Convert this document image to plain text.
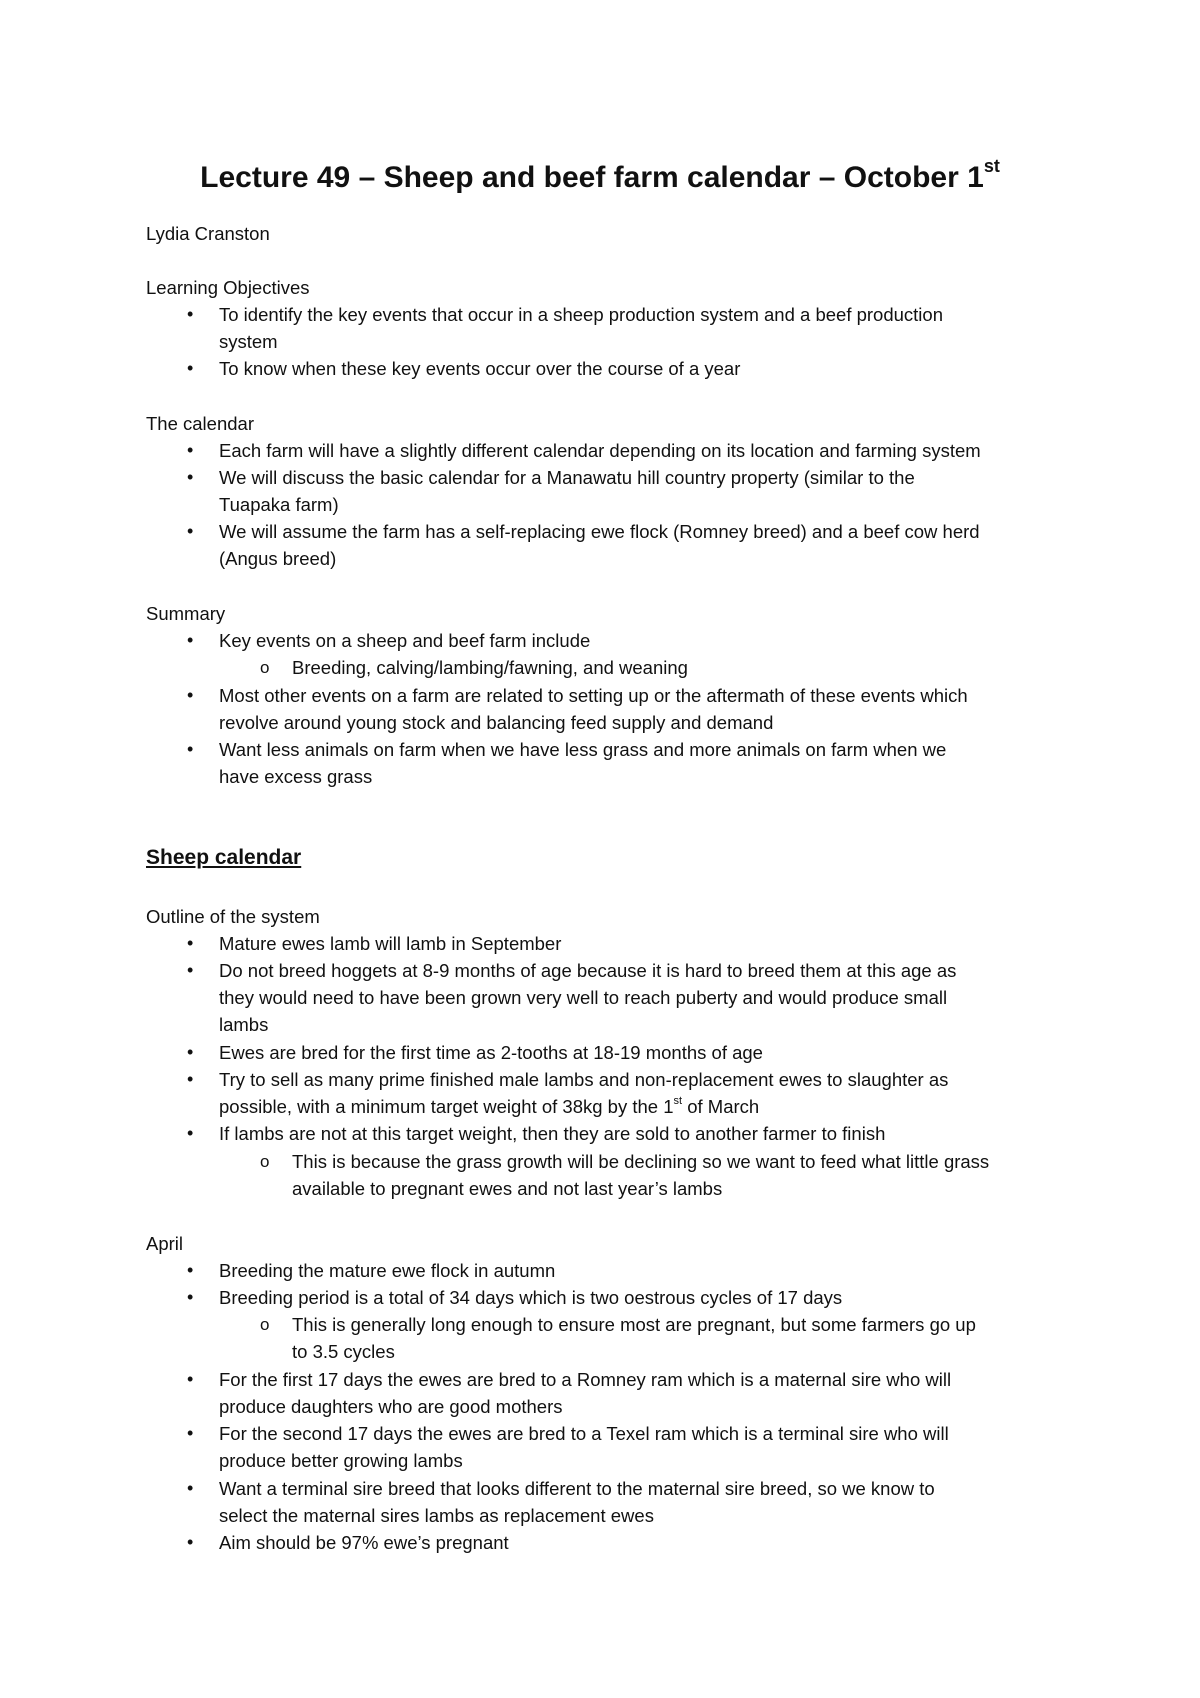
Lecture 49 – Sheep and beef farm calendar – October 1st
Lydia Cranston
Learning Objectives
• To identify the key events that occur in a sheep production system and a beef production
system
• To know when these key events occur over the course of a year
The calendar
• Each farm will have a slightly different calendar depending on its location and farming system
• We will discuss the basic calendar for a Manawatu hill country property (similar to the
Tuapaka farm)
• We will assume the farm has a self-replacing ewe flock (Romney breed) and a beef cow herd
(Angus breed)
Summary
• Key events on a sheep and beef farm include
o Breeding, calving/lambing/fawning, and weaning
• Most other events on a farm are related to setting up or the aftermath of these events which
revolve around young stock and balancing feed supply and demand
• Want less animals on farm when we have less grass and more animals on farm when we
have excess grass
Sheep calendar
Outline of the system
• Mature ewes lamb will lamb in September
• Do not breed hoggets at 8-9 months of age because it is hard to breed them at this age as
they would need to have been grown very well to reach puberty and would produce small
lambs
• Ewes are bred for the first time as 2-tooths at 18-19 months of age
• Try to sell as many prime finished male lambs and non-replacement ewes to slaughter as
possible, with a minimum target weight of 38kg by the 1st of March
• If lambs are not at this target weight, then they are sold to another farmer to finish
o This is because the grass growth will be declining so we want to feed what little grass
available to pregnant ewes and not last year’s lambs
April
• Breeding the mature ewe flock in autumn
• Breeding period is a total of 34 days which is two oestrous cycles of 17 days
o This is generally long enough to ensure most are pregnant, but some farmers go up
to 3.5 cycles
• For the first 17 days the ewes are bred to a Romney ram which is a maternal sire who will
produce daughters who are good mothers
• For the second 17 days the ewes are bred to a Texel ram which is a terminal sire who will
produce better growing lambs
• Want a terminal sire breed that looks different to the maternal sire breed, so we know to
select the maternal sires lambs as replacement ewes
• Aim should be 97% ewe’s pregnant
